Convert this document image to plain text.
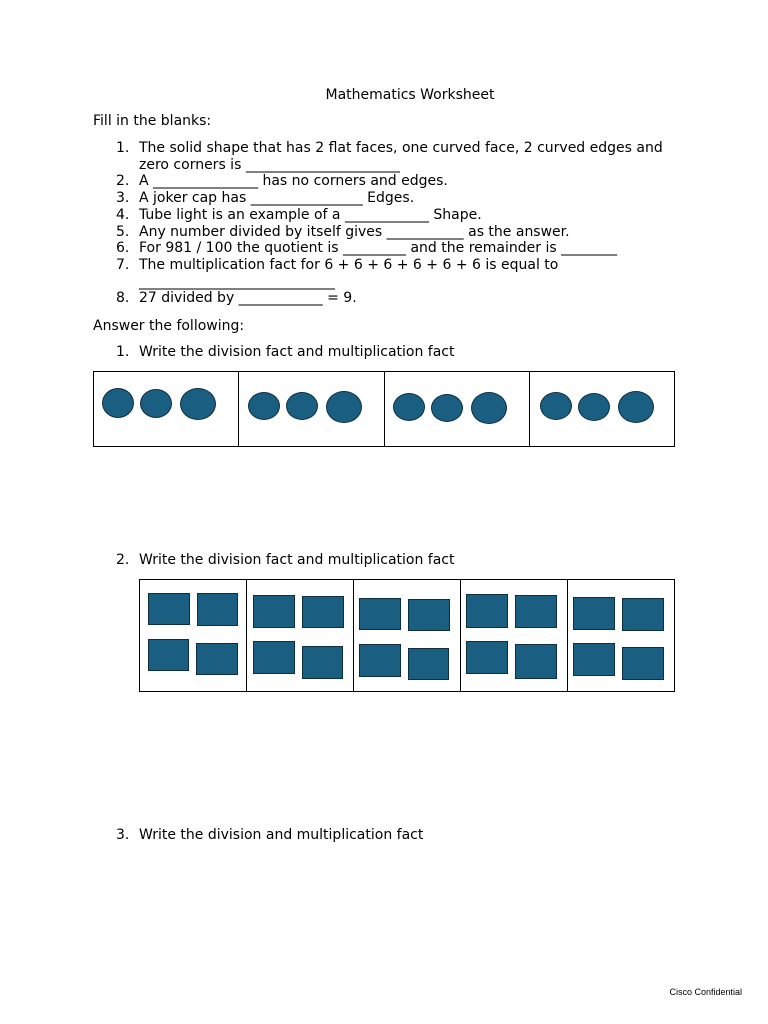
Mathematics Worksheet
Fill in the blanks:
1. The solid shape that has 2 flat faces, one curved face, 2 curved edges and zero corners is ______________________
2. A _______________ has no corners and edges.
3. A joker cap has ________________ Edges.
4. Tube light is an example of a ____________ Shape.
5. Any number divided by itself gives ___________ as the answer.
6. For 981 / 100 the quotient is _________ and the remainder is ________
7. The multiplication fact for 6 + 6 + 6 + 6 + 6 + 6 is equal to ____________________________
8. 27 divided by ____________ = 9.
Answer the following:
1. Write the division fact and multiplication fact
2. Write the division fact and multiplication fact
3. Write the division and multiplication fact
Cisco Confidential
